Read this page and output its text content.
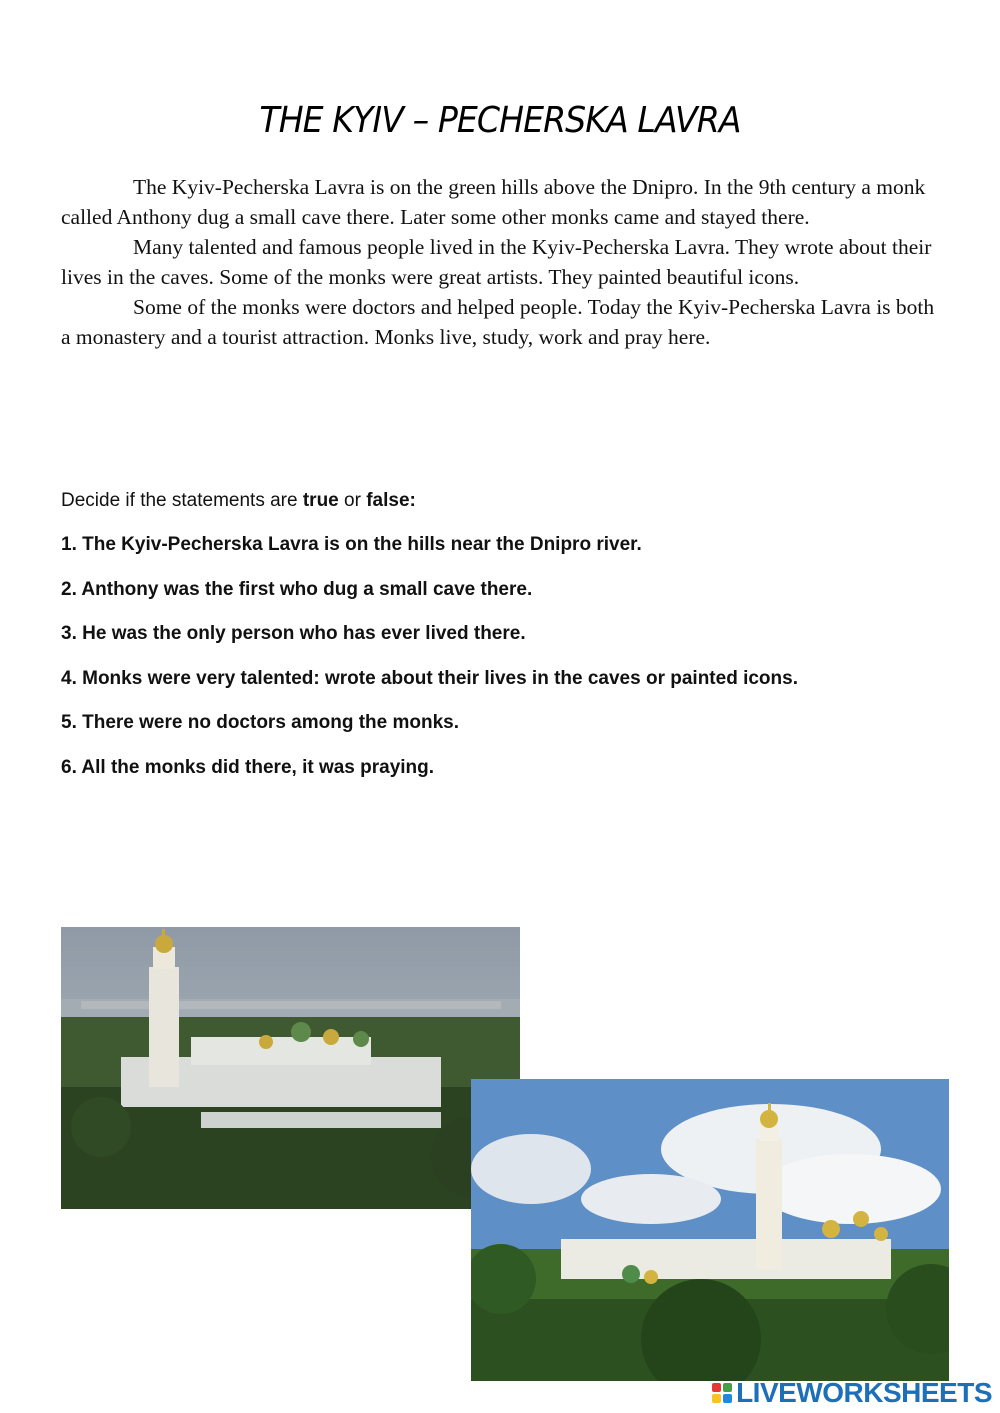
THE KYIV – PECHERSKA LAVRA

The Kyiv-Pecherska Lavra is on the green hills above the Dnipro. In the 9th century a monk called Anthony dug a small cave there. Later some other monks came and stayed there.

Many talented and famous people lived in the Kyiv-Pecherska Lavra. They wrote about their lives in the caves. Some of the monks were great artists. They painted beautiful icons.

Some of the monks were doctors and helped people. Today the Kyiv-Pecherska Lavra is both a monastery and a tourist attraction. Monks live, study, work and pray here.

Decide if the statements are true or false:

1. The Kyiv-Pecherska Lavra is on the hills near the Dnipro river.
2. Anthony was the first who dug a small cave there.
3. He was the only person who has ever lived there.
4. Monks were very talented: wrote about their lives in the caves or painted icons.
5. There were no doctors among the monks.
6. All the monks did there, it was praying.
LIVEWORKSHEETS
